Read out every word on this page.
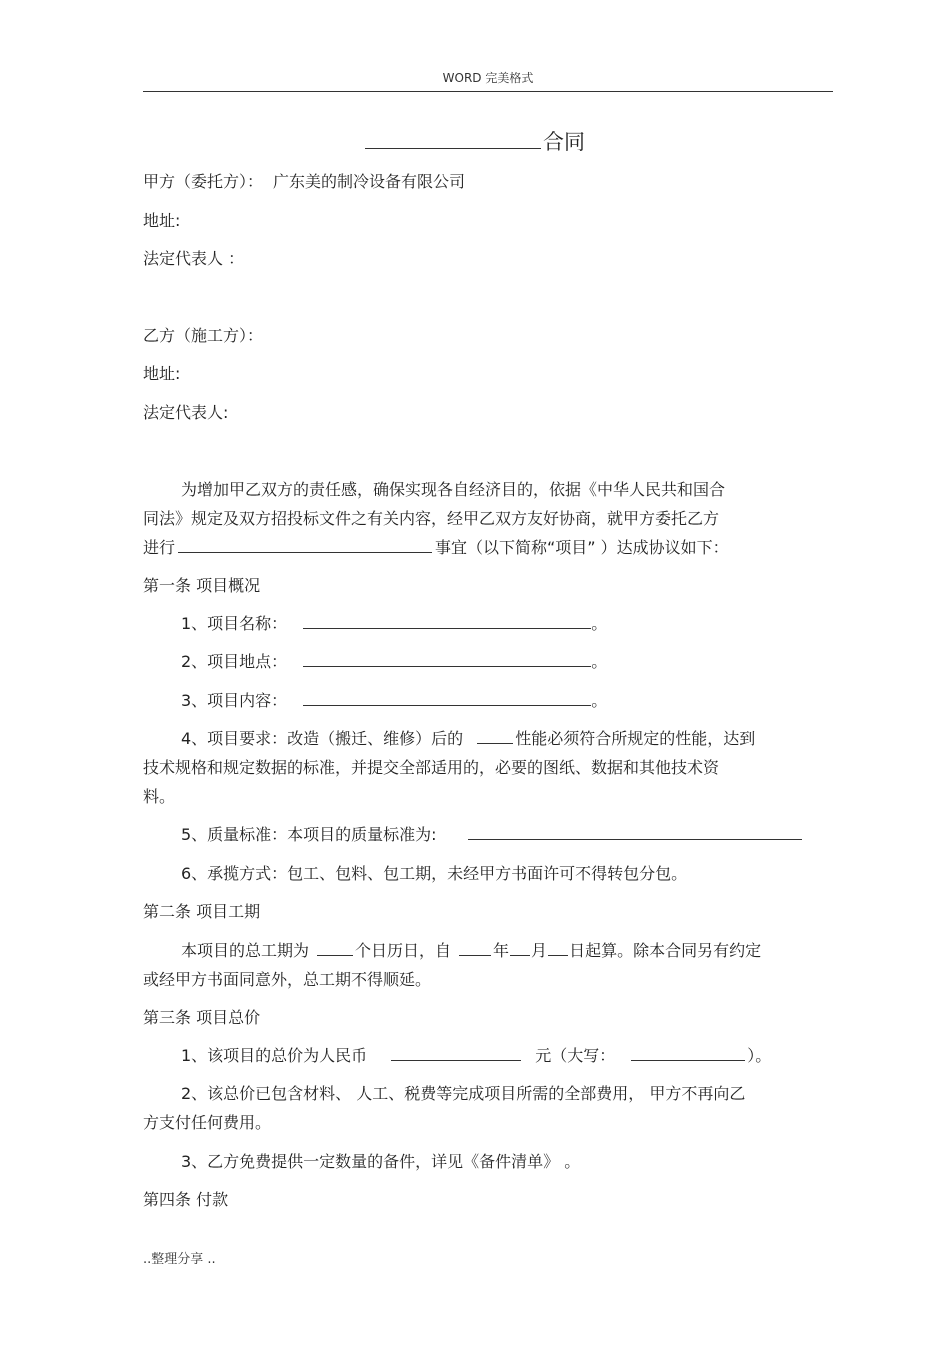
WORD 完美格式
合同
甲方（委托方）： 广东美的制冷设备有限公司
地址:
法定代表人 ：
乙方（施工方）：
地址:
法定代表人:
为增加甲乙双方的责任感，确保实现各自经济目的，依据《中华人民共和国合
同法》规定及双方招投标文件之有关内容，经甲乙双方友好协商，就甲方委托乙方
进行	事宜（以下简称“项目” ）达成协议如下：
第一条 项目概况
1、项目名称：	。
2、项目地点：	。
3、项目内容：	。
4、项目要求：改造（搬迁、维修）后的	性能必须符合所规定的性能，达到
技术规格和规定数据的标准，并提交全部适用的，必要的图纸、数据和其他技术资
料。
5、质量标准：本项目的质量标准为:
6、承揽方式：包工、包料、包工期，未经甲方书面许可不得转包分包。
第二条 项目工期
本项目的总工期为	个日历日，自	年 月 日起算。除本合同另有约定
或经甲方书面同意外，总工期不得顺延。
第三条 项目总价
1、该项目的总价为人民币	元（大写：	）。
2、该总价已包含材料、 人工、税费等完成项目所需的全部费用， 甲方不再向乙
方支付任何费用。
3、乙方免费提供一定数量的备件，详见《备件清单》 。
第四条 付款
..整理分享 ..
